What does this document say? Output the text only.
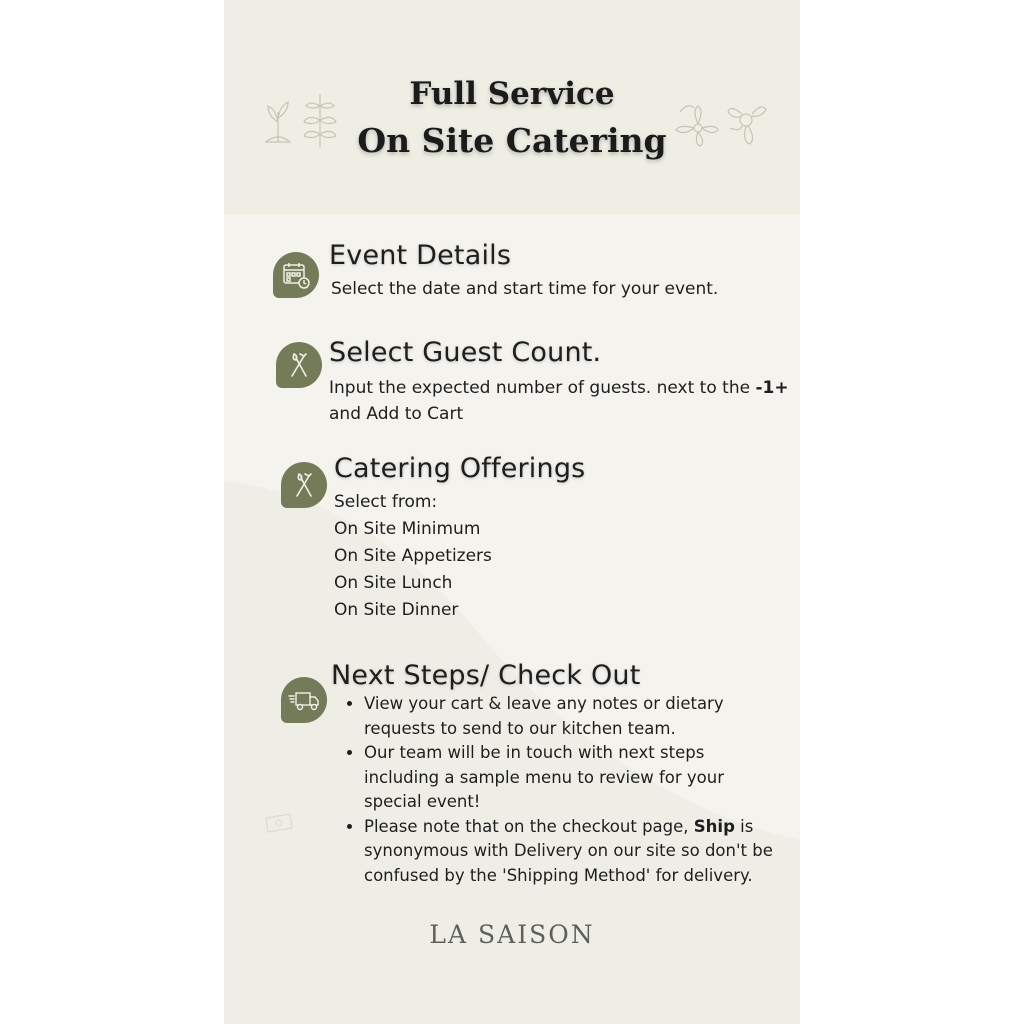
Full Service
On Site Catering
Event Details
Select the date and start time for your event.
Select Guest Count.
Input the expected number of guests. next to the -1+
and Add to Cart
Catering Offerings
Select from:
On Site Minimum
On Site Appetizers
On Site Lunch
On Site Dinner
Next Steps/ Check Out
• View your cart & leave any notes or dietary requests to send to our kitchen team.
• Our team will be in touch with next steps including a sample menu to review for your special event!
• Please note that on the checkout page, Ship is synonymous with Delivery on our site so don't be confused by the 'Shipping Method' for delivery.
LA SAISON
